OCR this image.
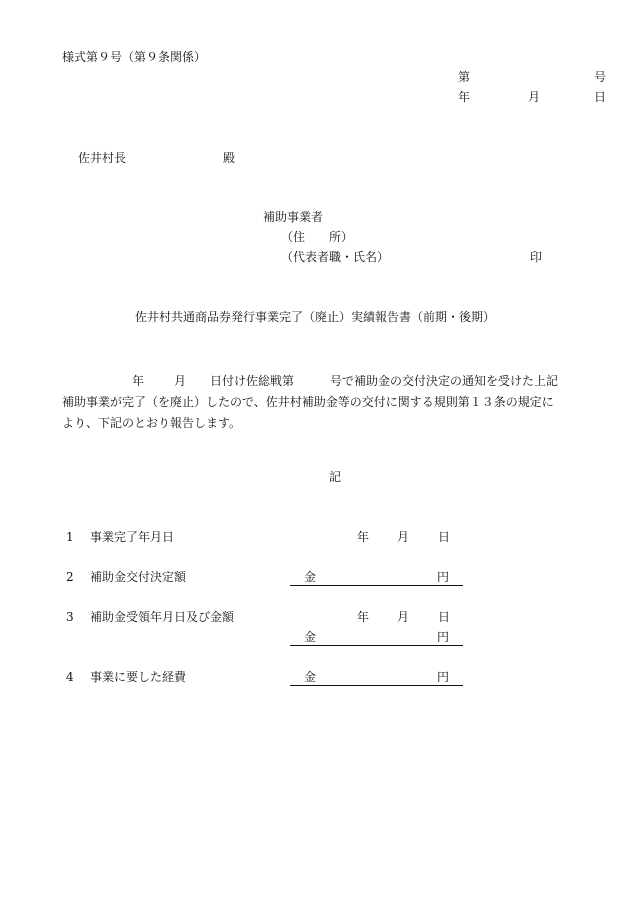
様式第９号（第９条関係）
第	号
年	月	日
佐井村長	殿
補助事業者
（住　　所）
（代表者職・氏名）	印
佐井村共通商品券発行事業完了（廃止）実績報告書（前期・後期）
年	月 日付け佐総戦第	号で補助金の交付決定の通知を受けた上記
補助事業が完了（を廃止）したので、佐井村補助金等の交付に関する規則第１３条の規定に
より、下記のとおり報告します。
記
1 事業完了年月日	年 月 日
2 補助金交付決定額	金	円
3 補助金受領年月日及び金額	年 月 日
金	円
4 事業に要した経費	金	円
